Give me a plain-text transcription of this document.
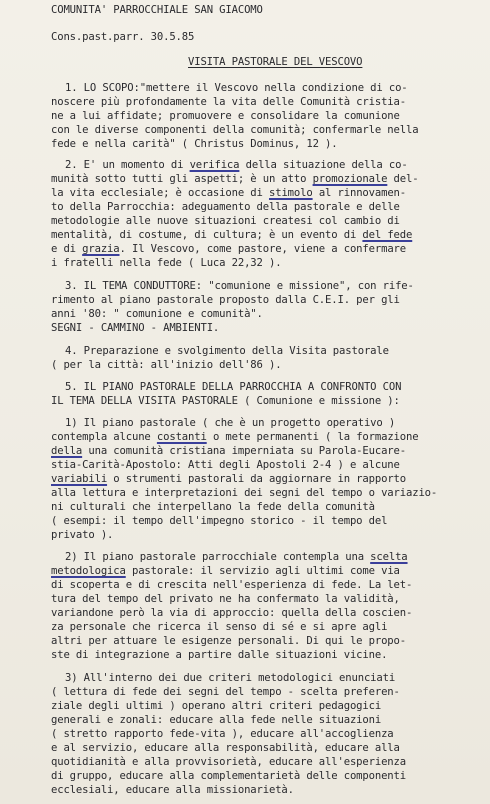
COMUNITA' PARROCCHIALE SAN GIACOMO
Cons.past.parr. 30.5.85
VISITA PASTORALE DEL VESCOVO
1. LO SCOPO:"mettere il Vescovo nella condizione di co-
noscere più profondamente la vita delle Comunità cristia-
ne a lui affidate; promuovere e consolidare la comunione
con le diverse componenti della comunità; confermarle nella
fede e nella carità" ( Christus Dominus, 12 ).
2. E' un momento di verifica della situazione della co-
munità sotto tutti gli aspetti; è un atto promozionale del-
la vita ecclesiale; è occasione di stimolo al rinnovamen-
to della Parrocchia: adeguamento della pastorale e delle
metodologie alle nuove situazioni createsi col cambio di
mentalità, di costume, di cultura; è un evento di del fede
e di grazia. Il Vescovo, come pastore, viene a confermare
i fratelli nella fede ( Luca 22,32 ).
3. IL TEMA CONDUTTORE: "comunione e missione", con rife-
rimento al piano pastorale proposto dalla C.E.I. per gli
anni '80: " comunione e comunità".
SEGNI - CAMMINO - AMBIENTI.
4. Preparazione e svolgimento della Visita pastorale
( per la città: all'inizio dell'86 ).
5. IL PIANO PASTORALE DELLA PARROCCHIA A CONFRONTO CON
IL TEMA DELLA VISITA PASTORALE ( Comunione e missione ):
1) Il piano pastorale ( che è un progetto operativo )
contempla alcune costanti o mete permanenti ( la formazione
della una comunità cristiana imperniata su Parola-Eucare-
stia-Carità-Apostolo: Atti degli Apostoli 2-4 ) e alcune
variabili o strumenti pastorali da aggiornare in rapporto
alla lettura e interpretazioni dei segni del tempo o variazio-
ni culturali che interpellano la fede della comunità
( esempi: il tempo dell'impegno storico - il tempo del
privato ).
2) Il piano pastorale parrocchiale contempla una scelta
metodologica pastorale: il servizio agli ultimi come via
di scoperta e di crescita nell'esperienza di fede. La let-
tura del tempo del privato ne ha confermato la validità,
variandone però la via di approccio: quella della coscien-
za personale che ricerca il senso di sé e si apre agli
altri per attuare le esigenze personali. Di qui le propo-
ste di integrazione a partire dalle situazioni vicine.
3) All'interno dei due criteri metodologici enunciati
( lettura di fede dei segni del tempo - scelta preferen-
ziale degli ultimi ) operano altri criteri pedagogici
generali e zonali: educare alla fede nelle situazioni
( stretto rapporto fede-vita ), educare all'accoglienza
e al servizio, educare alla responsabilità, educare alla
quotidianità e alla provvisorietà, educare all'esperienza
di gruppo, educare alla complementarietà delle componenti
ecclesiali, educare alla missionarietà.
